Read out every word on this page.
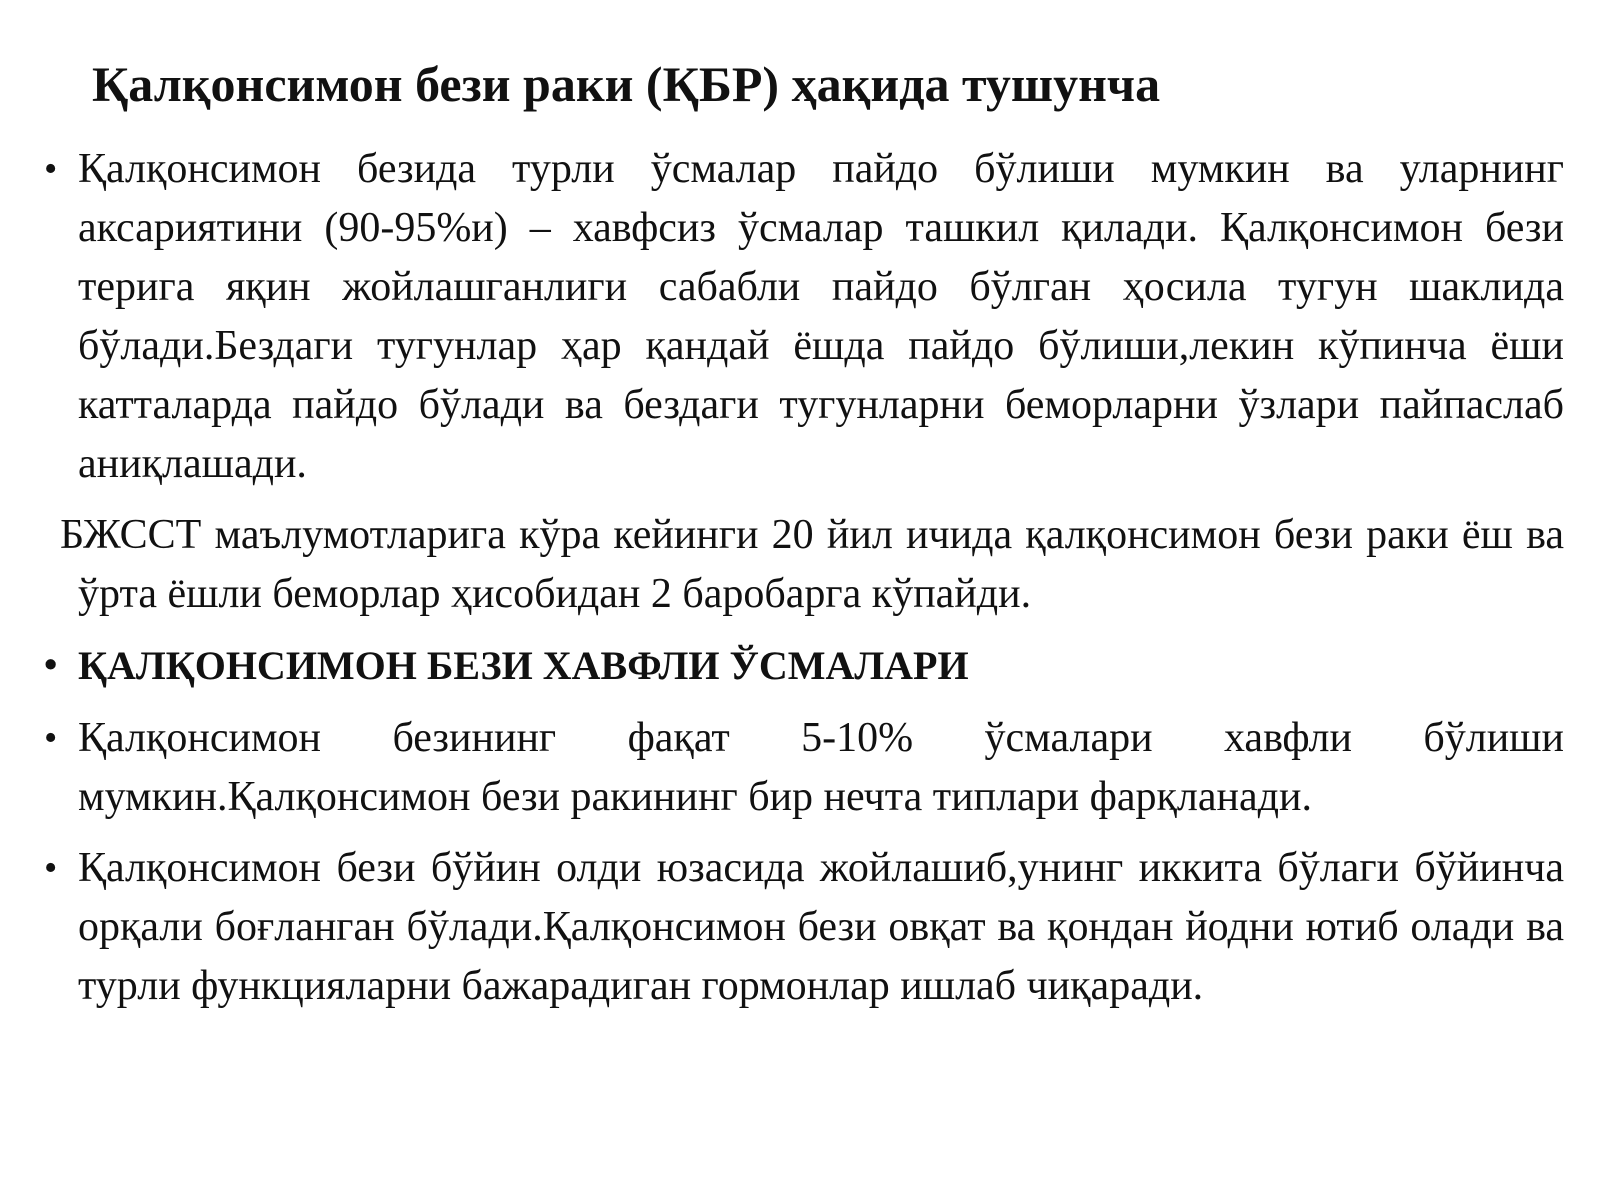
Қалқонсимон бези раки (ҚБР) ҳақида тушунча
• Қалқонсимон безида турли ўсмалар пайдо бўлиши мумкин ва уларнинг аксариятини (90-95%и) – хавфсиз ўсмалар ташкил қилади. Қалқонсимон бези терига яқин жойлашганлиги сабабли пайдо бўлган ҳосила тугун шаклида бўлади.Бездаги тугунлар ҳар қандай ёшда пайдо бўлиши,лекин кўпинча ёши катталарда пайдо бўлади ва бездаги тугунларни беморларни ўзлари пайпаслаб аниқлашади.
БЖССТ маълумотларига кўра кейинги 20 йил ичида қалқонсимон бези раки ёш ва ўрта ёшли беморлар ҳисобидан 2 баробарга кўпайди.
• ҚАЛҚОНСИМОН БЕЗИ ХАВФЛИ ЎСМАЛАРИ
• Қалқонсимон безининг фақат 5-10% ўсмалари хавфли бўлиши мумкин.Қалқонсимон бези ракининг бир нечта типлари фарқланади.
• Қалқонсимон бези бўйин олди юзасида жойлашиб,унинг иккита бўлаги бўйинча орқали боғланган бўлади.Қалқонсимон бези овқат ва қондан йодни ютиб олади ва турли функцияларни бажарадиган гормонлар ишлаб чиқаради.
